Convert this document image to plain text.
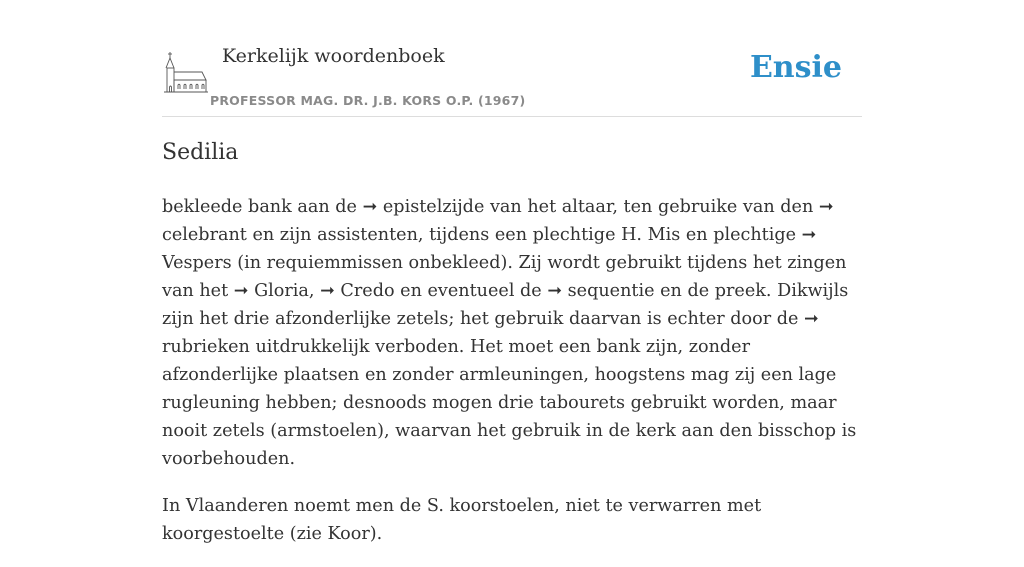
Kerkelijk woordenboek
PROFESSOR MAG. DR. J.B. KORS O.P. (1967)
Ensie
Sedilia

bekleede bank aan de ➞ epistelzijde van het altaar, ten gebruike van den ➞ celebrant en zijn assistenten, tijdens een plechtige H. Mis en plechtige ➞ Vespers (in requiemmissen onbekleed). Zij wordt gebruikt tijdens het zingen van het ➞ Gloria, ➞ Credo en eventueel de ➞ sequentie en de preek. Dikwijls zijn het drie afzonderlijke zetels; het gebruik daarvan is echter door de ➞ rubrieken uitdrukkelijk verboden. Het moet een bank zijn, zonder afzonderlijke plaatsen en zonder armleuningen, hoogstens mag zij een lage rugleuning hebben; desnoods mogen drie tabourets gebruikt worden, maar nooit zetels (armstoelen), waarvan het gebruik in de kerk aan den bisschop is voorbehouden.

In Vlaanderen noemt men de S. koorstoelen, niet te verwarren met koorgestoelte (zie Koor).
